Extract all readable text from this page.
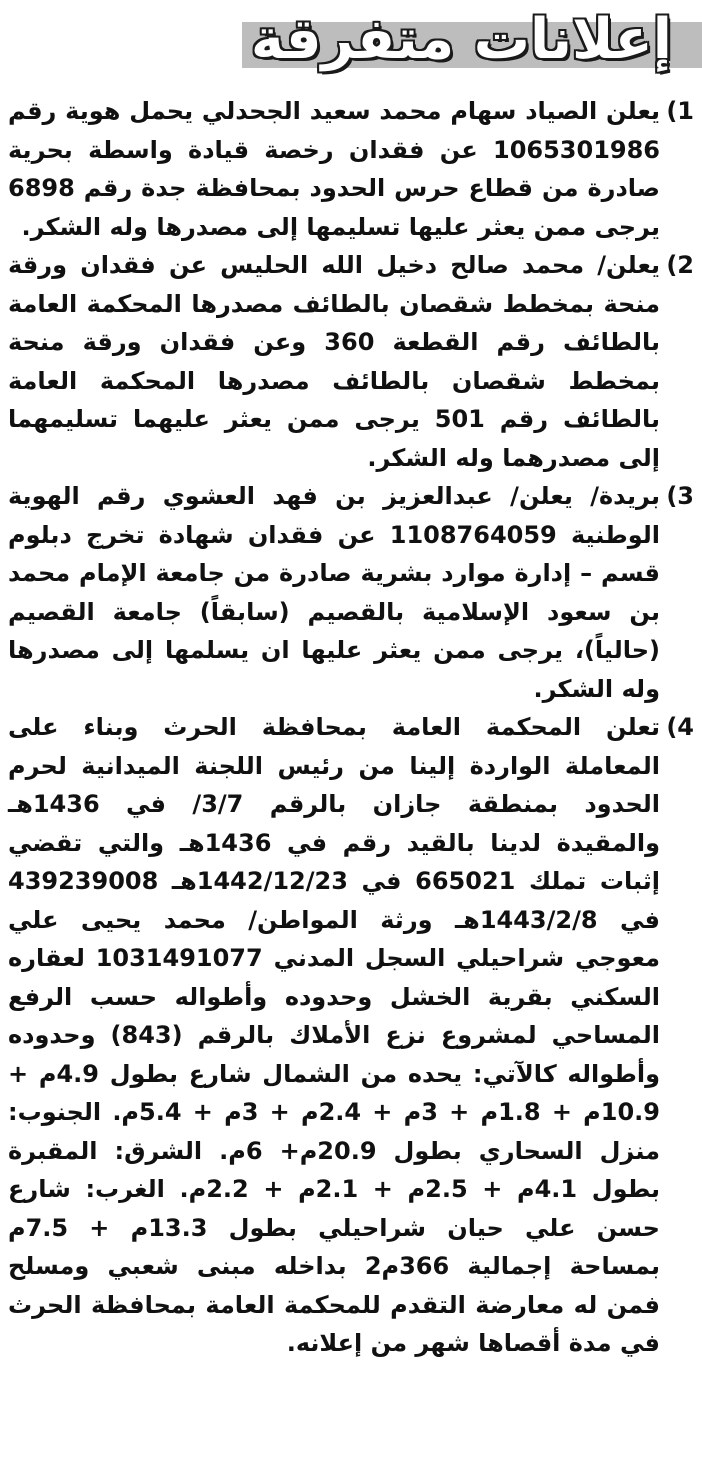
إعلانات متفرقة
1)
يعلن الصياد سهام محمد سعيد الجحدلي يحمل هوية رقم 1065301986 عن فقدان رخصة قيادة واسطة بحرية صادرة من قطاع حرس الحدود بمحافظة جدة رقم 6898 يرجى ممن يعثر عليها تسليمها إلى مصدرها وله الشكر.
2)
يعلن/ محمد صالح دخيل الله الحليس عن فقدان ورقة منحة بمخطط شقصان بالطائف مصدرها المحكمة العامة بالطائف رقم القطعة 360 وعن فقدان ورقة منحة بمخطط شقصان بالطائف مصدرها المحكمة العامة بالطائف رقم 501 يرجى ممن يعثر عليهما تسليمهما إلى مصدرهما وله الشكر.
3)
بريدة/ يعلن/ عبدالعزيز بن فهد العشوي رقم الهوية الوطنية 1108764059 عن فقدان شهادة تخرج دبلوم قسم – إدارة موارد بشرية صادرة من جامعة الإمام محمد بن سعود الإسلامية بالقصيم (سابقاً) جامعة القصيم (حالياً)، يرجى ممن يعثر عليها ان يسلمها إلى مصدرها وله الشكر.
4)
تعلن المحكمة العامة بمحافظة الحرث وبناء على المعاملة الواردة إلينا من رئيس اللجنة الميدانية لحرم الحدود بمنطقة جازان بالرقم 3/7/ في 1436هـ والمقيدة لدينا بالقيد رقم في 1436هـ والتي تقضي إثبات تملك 665021 في 1442/12/23هـ 439239008 في 1443/2/8هـ ورثة المواطن/ محمد يحيى علي معوجي شراحيلي السجل المدني 1031491077 لعقاره السكني بقرية الخشل وحدوده وأطواله حسب الرفع المساحي لمشروع نزع الأملاك بالرقم (843) وحدوده وأطواله كالآتي: يحده من الشمال شارع بطول 4.9م + 10.9م + 1.8م + 3م + 2.4م + 3م + 5.4م. الجنوب: منزل السحاري بطول 20.9م+ 6م. الشرق: المقبرة بطول 4.1م + 2.5م + 2.1م + 2.2م. الغرب: شارع حسن علي حيان شراحيلي بطول 13.3م + 7.5م بمساحة إجمالية 366م2 بداخله مبنى شعبي ومسلح فمن له معارضة التقدم للمحكمة العامة بمحافظة الحرث في مدة أقصاها شهر من إعلانه.
